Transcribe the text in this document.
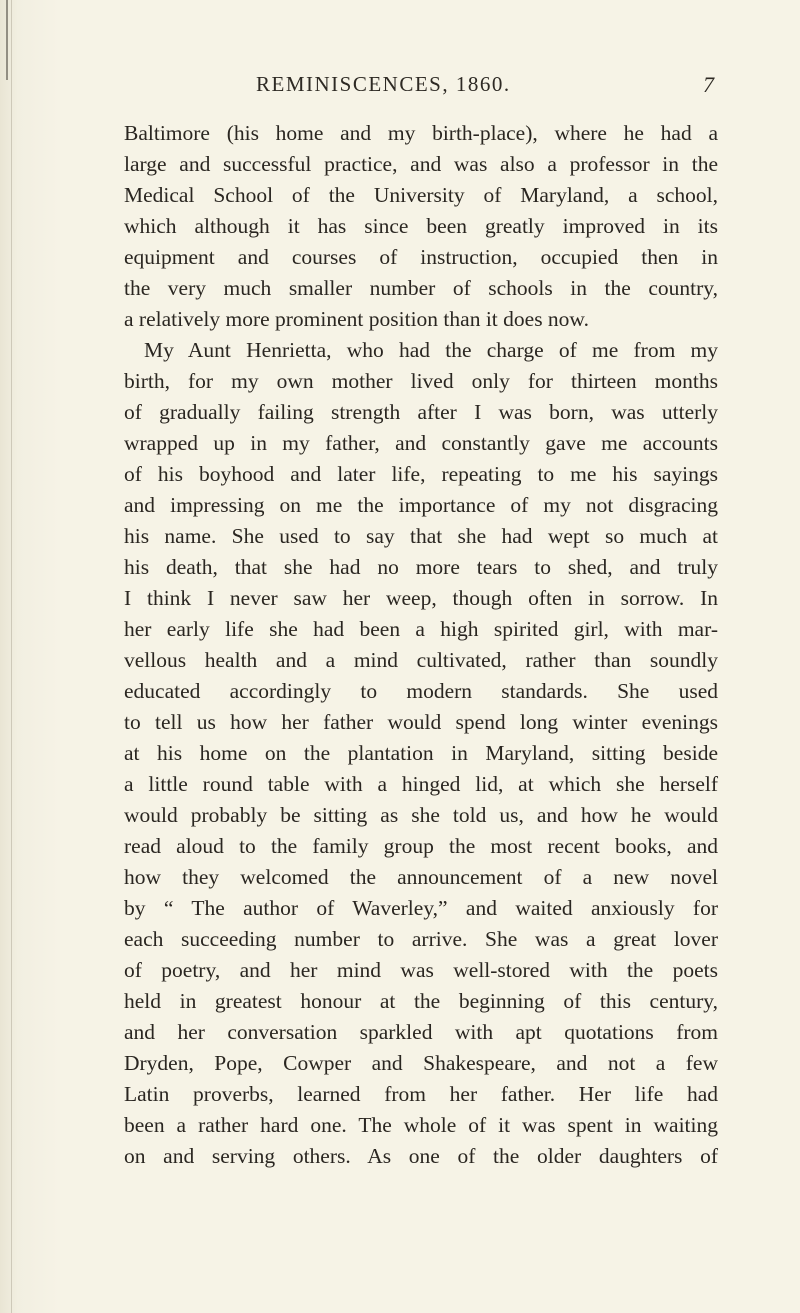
REMINISCENCES, 1860.	7
Baltimore (his home and my birth-place), where he had a
large and successful practice, and was also a professor in the
Medical School of the University of Maryland, a school,
which although it has since been greatly improved in its
equipment and courses of instruction, occupied then in
the very much smaller number of schools in the country,
a relatively more prominent position than it does now.
My Aunt Henrietta, who had the charge of me from my
birth, for my own mother lived only for thirteen months
of gradually failing strength after I was born, was utterly
wrapped up in my father, and constantly gave me accounts
of his boyhood and later life, repeating to me his sayings
and impressing on me the importance of my not disgracing
his name. She used to say that she had wept so much at
his death, that she had no more tears to shed, and truly
I think I never saw her weep, though often in sorrow. In
her early life she had been a high spirited girl, with mar-
vellous health and a mind cultivated, rather than soundly
educated accordingly to modern standards. She used
to tell us how her father would spend long winter evenings
at his home on the plantation in Maryland, sitting beside
a little round table with a hinged lid, at which she herself
would probably be sitting as she told us, and how he would
read aloud to the family group the most recent books, and
how they welcomed the announcement of a new novel
by “ The author of Waverley,” and waited anxiously for
each succeeding number to arrive. She was a great lover
of poetry, and her mind was well-stored with the poets
held in greatest honour at the beginning of this century,
and her conversation sparkled with apt quotations from
Dryden, Pope, Cowper and Shakespeare, and not a few
Latin proverbs, learned from her father. Her life had
been a rather hard one. The whole of it was spent in waiting
on and serving others. As one of the older daughters of
